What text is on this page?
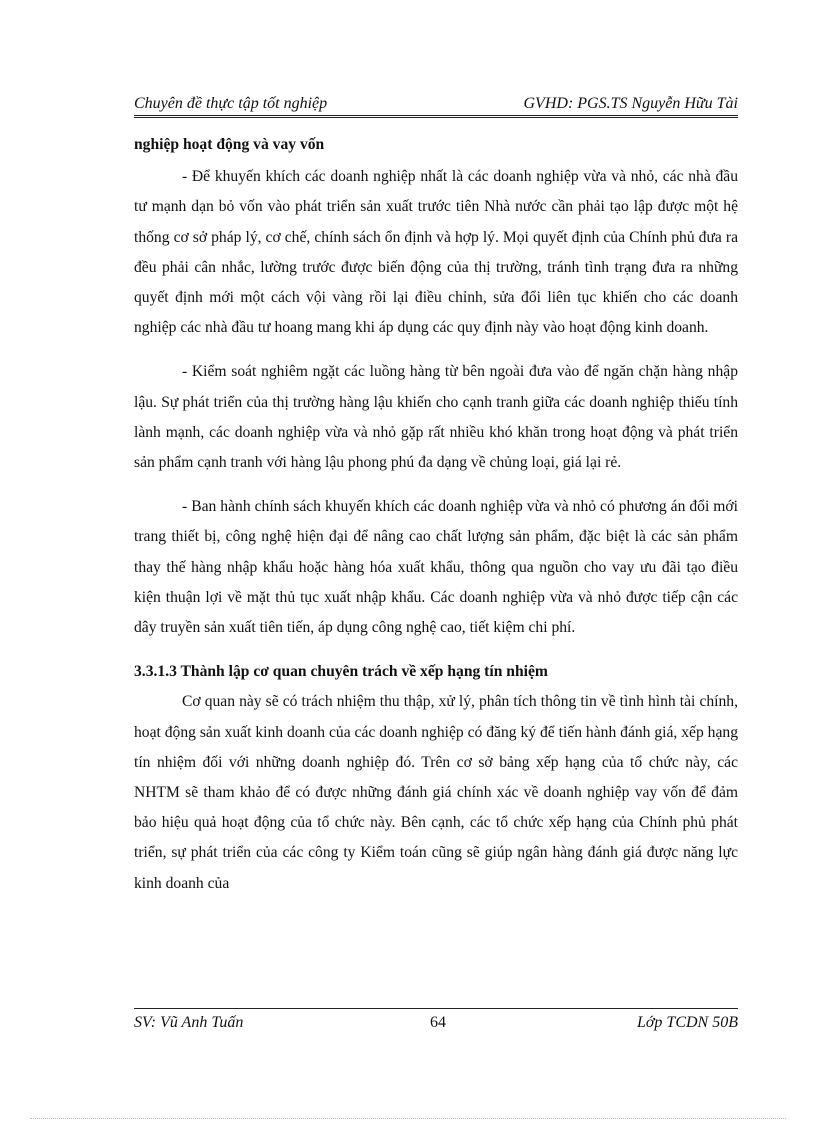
Chuyên đề thực tập tốt nghiệp	GVHD: PGS.TS Nguyễn Hữu Tài

nghiệp hoạt động và vay vốn

- Để khuyến khích các doanh nghiệp nhất là các doanh nghiệp vừa và nhỏ, các nhà đầu tư mạnh dạn bỏ vốn vào phát triển sản xuất trước tiên Nhà nước cần phải tạo lập được một hệ thống cơ sở pháp lý, cơ chế, chính sách ổn định và hợp lý. Mọi quyết định của Chính phủ đưa ra đều phải cân nhắc, lường trước được biến động của thị trường, tránh tình trạng đưa ra những quyết định mới một cách vội vàng rồi lại điều chỉnh, sửa đổi liên tục khiến cho các doanh nghiệp các nhà đầu tư hoang mang khi áp dụng các quy định này vào hoạt động kinh doanh.

- Kiểm soát nghiêm ngặt các luồng hàng từ bên ngoài đưa vào để ngăn chặn hàng nhập lậu. Sự phát triển của thị trường hàng lậu khiến cho cạnh tranh giữa các doanh nghiệp thiếu tính lành mạnh, các doanh nghiệp vừa và nhỏ gặp rất nhiều khó khăn trong hoạt động và phát triển sản phẩm cạnh tranh với hàng lậu phong phú đa dạng về chủng loại, giá lại rẻ.

- Ban hành chính sách khuyến khích các doanh nghiệp vừa và nhỏ có phương án đổi mới trang thiết bị, công nghệ hiện đại để nâng cao chất lượng sản phẩm, đặc biệt là các sản phẩm thay thế hàng nhập khẩu hoặc hàng hóa xuất khẩu, thông qua nguồn cho vay ưu đãi tạo điều kiện thuận lợi về mặt thủ tục xuất nhập khẩu. Các doanh nghiệp vừa và nhỏ được tiếp cận các dây truyền sản xuất tiên tiến, áp dụng công nghệ cao, tiết kiệm chi phí.

3.3.1.3 Thành lập cơ quan chuyên trách về xếp hạng tín nhiệm

Cơ quan này sẽ có trách nhiệm thu thập, xử lý, phân tích thông tin về tình hình tài chính, hoạt động sản xuất kinh doanh của các doanh nghiệp có đăng ký để tiến hành đánh giá, xếp hạng tín nhiệm đối với những doanh nghiệp đó. Trên cơ sở bảng xếp hạng của tổ chức này, các NHTM sẽ tham khảo để có được những đánh giá chính xác về doanh nghiệp vay vốn để đảm bảo hiệu quả hoạt động của tổ chức này. Bên cạnh, các tổ chức xếp hạng của Chính phủ phát triển, sự phát triển của các công ty Kiểm toán cũng sẽ giúp ngân hàng đánh giá được năng lực kinh doanh của

SV: Vũ Anh Tuấn	64	Lớp TCDN 50B
